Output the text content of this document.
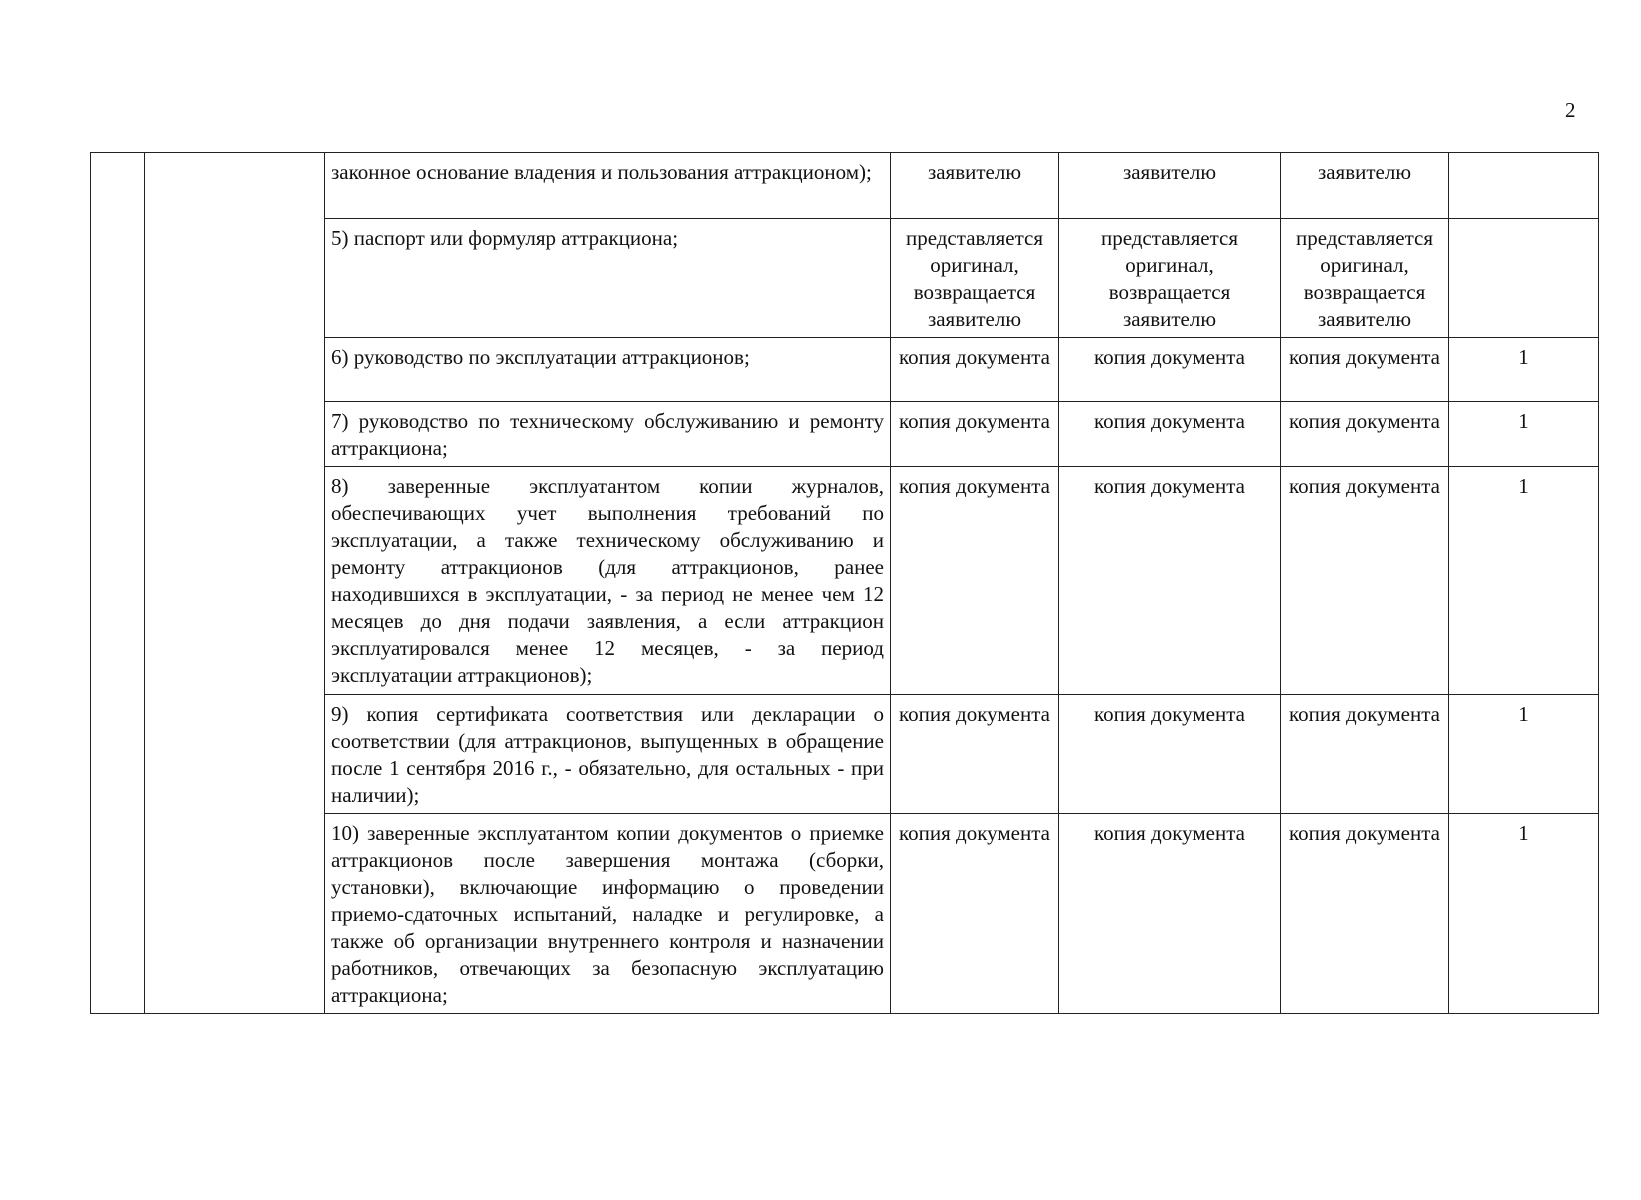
2
		законное основание владения и пользования аттракционом);	заявителю	заявителю	заявителю	
		5) паспорт или формуляр аттракциона;	представляется оригинал, возвращается заявителю	представляется оригинал, возвращается заявителю	представляется оригинал, возвращается заявителю	
		6) руководство по эксплуатации аттракционов;	копия документа	копия документа	копия документа	1
		7) руководство по техническому обслуживанию и ремонту аттракциона;	копия документа	копия документа	копия документа	1
		8) заверенные эксплуатантом копии журналов, обеспечивающих учет выполнения требований по эксплуатации, а также техническому обслуживанию и ремонту аттракционов (для аттракционов, ранее находившихся в эксплуатации, - за период не менее чем 12 месяцев до дня подачи заявления, а если аттракцион эксплуатировался менее 12 месяцев, - за период эксплуатации аттракционов);	копия документа	копия документа	копия документа	1
		9) копия сертификата соответствия или декларации о соответствии (для аттракционов, выпущенных в обращение после 1 сентября 2016 г., - обязательно, для остальных - при наличии);	копия документа	копия документа	копия документа	1
		10) заверенные эксплуатантом копии документов о приемке аттракционов после завершения монтажа (сборки, установки), включающие информацию о проведении приемо-сдаточных испытаний, наладке и регулировке, а также об организации внутреннего контроля и назначении работников, отвечающих за безопасную эксплуатацию аттракциона;	копия документа	копия документа	копия документа	1
